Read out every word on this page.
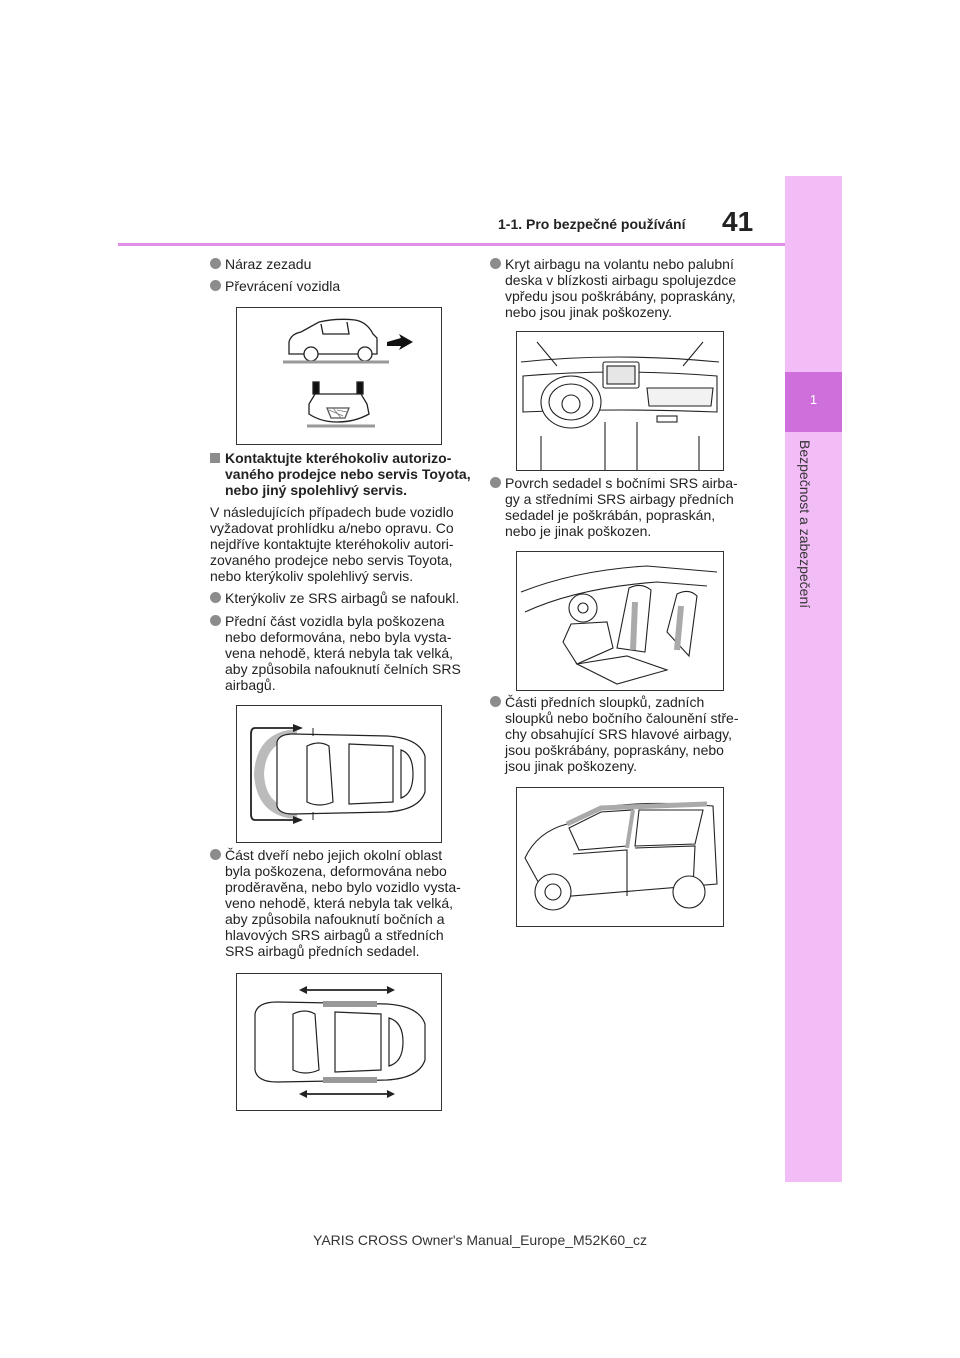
1-1. Pro bezpečné používání 41
1
Bezpečnost a zabezpečení
Náraz zezadu
Převrácení vozidla
Kontaktujte kteréhokoliv autorizo-vaného prodejce nebo servis Toyota, nebo jiný spolehlivý servis.
V následujících případech bude vozidlo vyžadovat prohlídku a/nebo opravu. Co nejdříve kontaktujte kteréhokoliv autori-zovaného prodejce nebo servis Toyota, nebo kterýkoliv spolehlivý servis.
Kterýkoliv ze SRS airbagů se nafoukl.
Přední část vozidla byla poškozena nebo deformována, nebo byla vysta-vena nehodě, která nebyla tak velká, aby způsobila nafouknutí čelních SRS airbagů.
Část dveří nebo jejich okolní oblast byla poškozena, deformována nebo proděravěna, nebo bylo vozidlo vysta-veno nehodě, která nebyla tak velká, aby způsobila nafouknutí bočních a hlavových SRS airbagů a středních SRS airbagů předních sedadel.
Kryt airbagu na volantu nebo palubní deska v blízkosti airbagu spolujezdce vpředu jsou poškrábány, popraskány, nebo jsou jinak poškozeny.
Povrch sedadel s bočními SRS airba-gy a středními SRS airbagy předních sedadel je poškrábán, popraskán, nebo je jinak poškozen.
Části předních sloupků, zadních sloupků nebo bočního čalounění stře-chy obsahující SRS hlavové airbagy, jsou poškrábány, popraskány, nebo jsou jinak poškozeny.
YARIS CROSS Owner's Manual_Europe_M52K60_cz
